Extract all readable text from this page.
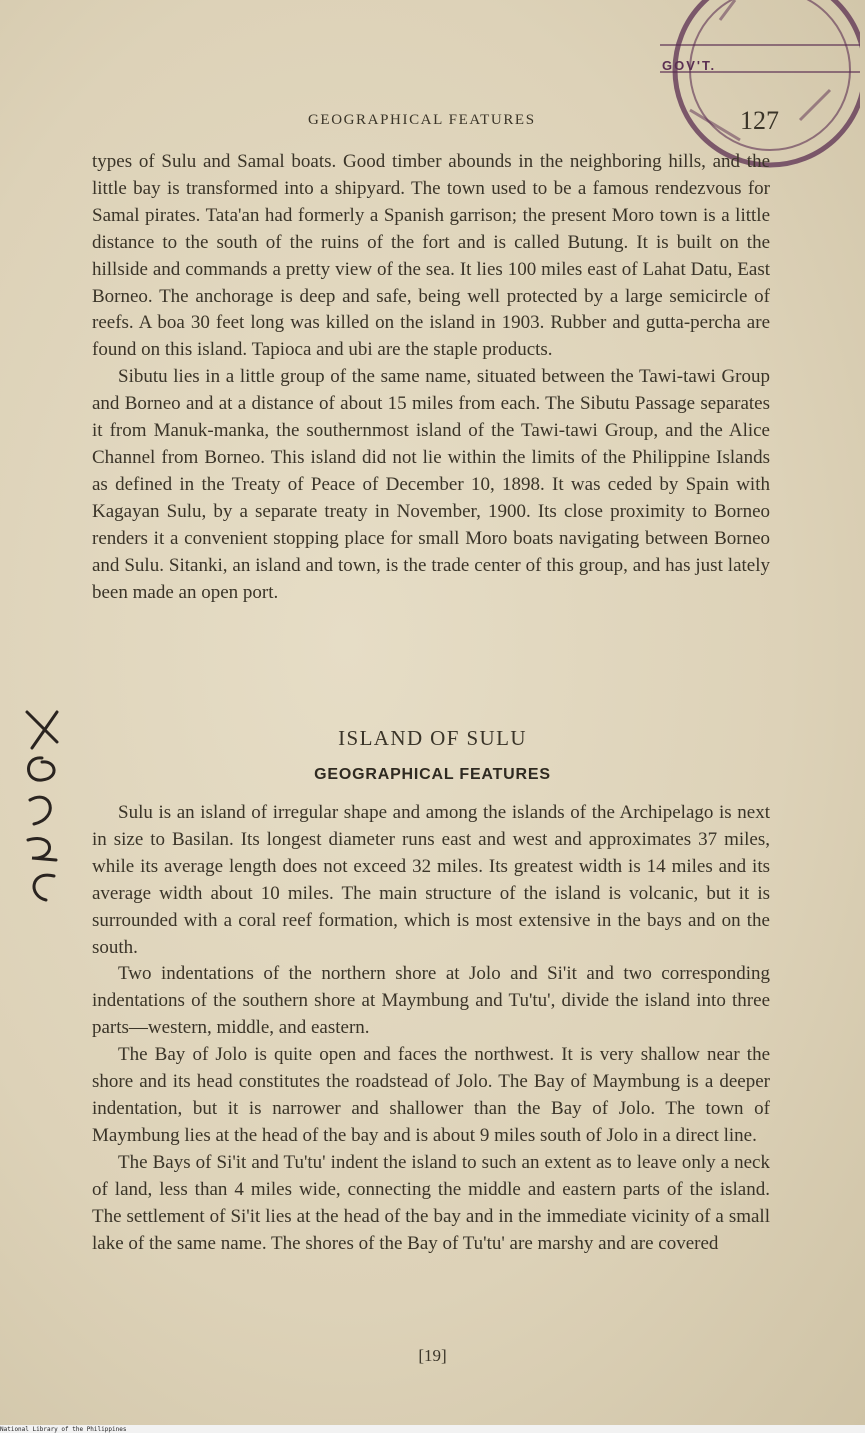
GOV'T.
GEOGRAPHICAL FEATURES	127

types of Sulu and Samal boats. Good timber abounds in the neighboring hills, and the little bay is transformed into a shipyard. The town used to be a famous rendezvous for Samal pirates. Tata'an had formerly a Spanish garrison; the present Moro town is a little distance to the south of the ruins of the fort and is called Butung. It is built on the hillside and commands a pretty view of the sea. It lies 100 miles east of Lahat Datu, East Borneo. The anchorage is deep and safe, being well protected by a large semicircle of reefs. A boa 30 feet long was killed on the island in 1903. Rubber and gutta-percha are found on this island. Tapioca and ubi are the staple products.

Sibutu lies in a little group of the same name, situated between the Tawi-tawi Group and Borneo and at a distance of about 15 miles from each. The Sibutu Passage separates it from Manuk-manka, the southernmost island of the Tawi-tawi Group, and the Alice Channel from Borneo. This island did not lie within the limits of the Philippine Islands as defined in the Treaty of Peace of December 10, 1898. It was ceded by Spain with Kagayan Sulu, by a separate treaty in November, 1900. Its close proximity to Borneo renders it a convenient stopping place for small Moro boats navigating between Borneo and Sulu. Sitanki, an island and town, is the trade center of this group, and has just lately been made an open port.

ISLAND OF SULU
GEOGRAPHICAL FEATURES

Sulu is an island of irregular shape and among the islands of the Archipelago is next in size to Basilan. Its longest diameter runs east and west and approximates 37 miles, while its average length does not exceed 32 miles. Its greatest width is 14 miles and its average width about 10 miles. The main structure of the island is volcanic, but it is surrounded with a coral reef formation, which is most extensive in the bays and on the south.

Two indentations of the northern shore at Jolo and Si'it and two corresponding indentations of the southern shore at Maymbung and Tu'tu', divide the island into three parts—western, middle, and eastern.

The Bay of Jolo is quite open and faces the northwest. It is very shallow near the shore and its head constitutes the roadstead of Jolo. The Bay of Maymbung is a deeper indentation, but it is narrower and shallower than the Bay of Jolo. The town of Maymbung lies at the head of the bay and is about 9 miles south of Jolo in a direct line.

The Bays of Si'it and Tu'tu' indent the island to such an extent as to leave only a neck of land, less than 4 miles wide, connecting the middle and eastern parts of the island. The settlement of Si'it lies at the head of the bay and in the immediate vicinity of a small lake of the same name. The shores of the Bay of Tu'tu' are marshy and are covered

[19]
National Library of the Philippines
